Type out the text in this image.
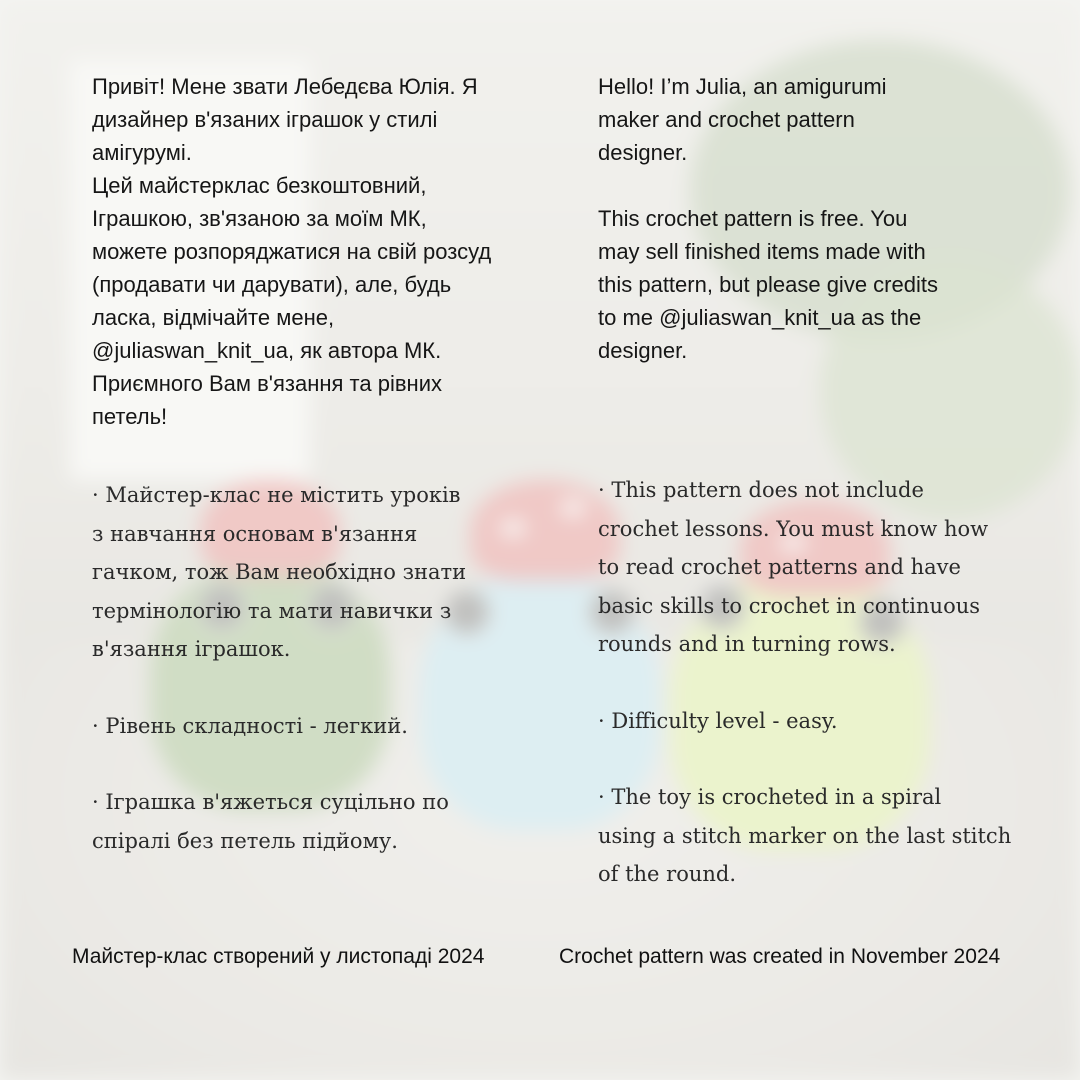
Привіт! Мене звати Лебедєва Юлія. Я
дизайнер в'язаних іграшок у стилі
амігурумі.
Цей майстерклас безкоштовний,
Іграшкою, зв'язаною за моїм МК,
можете розпоряджатися на свій розсуд
(продавати чи дарувати), але, будь
ласка, відмічайте мене,
@juliaswan_knit_ua, як автора МК.
Приємного Вам в'язання та рівних
петель!

· Майстер-клас не містить уроків
з навчання основам в'язання
гачком, тож Вам необхідно знати
термінологію та мати навички з
в'язання іграшок.

· Рівень складності - легкий.

· Іграшка в'яжеться суцільно по
спіралі без петель підйому.

Hello! I’m Julia, an amigurumi
maker and crochet pattern
designer.

This crochet pattern is free. You
may sell finished items made with
this pattern, but please give credits
to me @juliaswan_knit_ua as the
designer.

· This pattern does not include
crochet lessons. You must know how
to read crochet patterns and have
basic skills to crochet in continuous
rounds and in turning rows.

· Difficulty level - easy.

· The toy is crocheted in a spiral
using a stitch marker on the last stitch
of the round.

Майстер-клас створений у листопаді 2024	Crochet pattern was created in November 2024
